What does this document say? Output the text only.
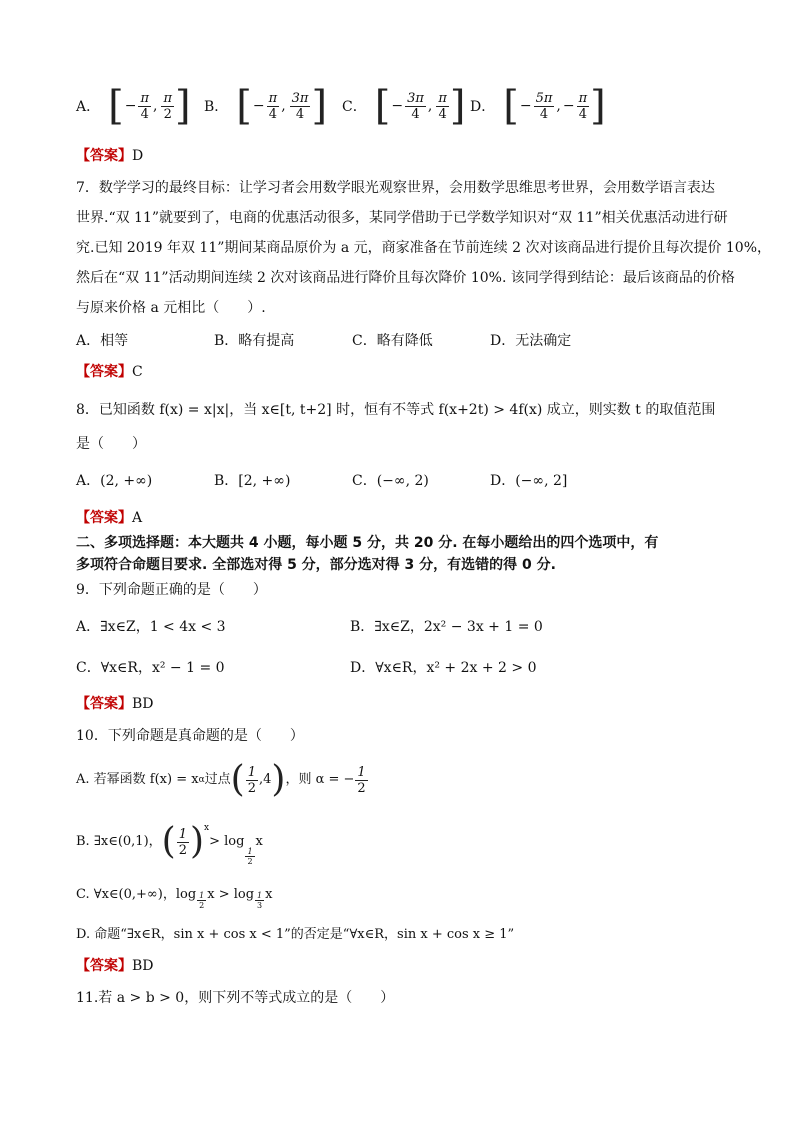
A． [ − $\frac{\pi}{4}$ , $\frac{\pi}{2}$ ] B． [ − $\frac{\pi}{4}$ , $\frac{3\pi}{4}$ ] C． [ − $\frac{3\pi}{4}$ , $\frac{\pi}{4}$ ] D． [ − $\frac{5\pi}{4}$ , − $\frac{\pi}{4}$ ]
【答案】D
7．数学学习的最终目标：让学习者会用数学眼光观察世界，会用数学思维思考世界，会用数学语言表达
世界.“双 11”就要到了，电商的优惠活动很多，某同学借助于已学数学知识对“双 11”相关优惠活动进行研
究.已知 2019 年双 11”期间某商品原价为 a 元，商家准备在节前连续 2 次对该商品进行提价且每次提价 10%，
然后在“双 11”活动期间连续 2 次对该商品进行降价且每次降价 10%. 该同学得到结论：最后该商品的价格
与原来价格 a 元相比（　　）.
A．相等	B．略有提高	C．略有降低	D．无法确定
【答案】C
8．已知函数 f(x) = x|x|，当 x∈[t, t+2] 时，恒有不等式 f(x+2t) > 4f(x) 成立，则实数 t 的取值范围
是（　　）
A．(2, +∞)	B．[2, +∞)	C．(−∞, 2)	D．(−∞, 2]
【答案】A
二、多项选择题：本大题共 4 小题，每小题 5 分，共 20 分. 在每小题给出的四个选项中，有
多项符合命题目要求. 全部选对得 5 分，部分选对得 3 分，有选错的得 0 分.
9．下列命题正确的是（　　）
A．∃x∈Z，1 < 4x < 3	B．∃x∈Z，2x² − 3x + 1 = 0
C．∀x∈R，x² − 1 = 0	D．∀x∈R，x² + 2x + 2 > 0
【答案】BD
10．下列命题是真命题的是（　　）
A. 若幂函数 f(x) = x α 过点 ( $\frac{1}{2} ,4$ ) ，则 α = − $\frac{1}{2}$
B. ∃x∈(0,1)， ( $\frac{1}{2}$ ) x
> log
$\frac{1}{2}$
x
C. ∀x∈(0,+∞)， $\log \frac{1}{2}$ $x > \log \frac{1}{3}$ x
D. 命题“∃x∈R，sin x + cos x < 1”的否定是“∀x∈R，sin x + cos x ≥ 1”
【答案】BD
11.若 a > b > 0，则下列不等式成立的是（　　）
